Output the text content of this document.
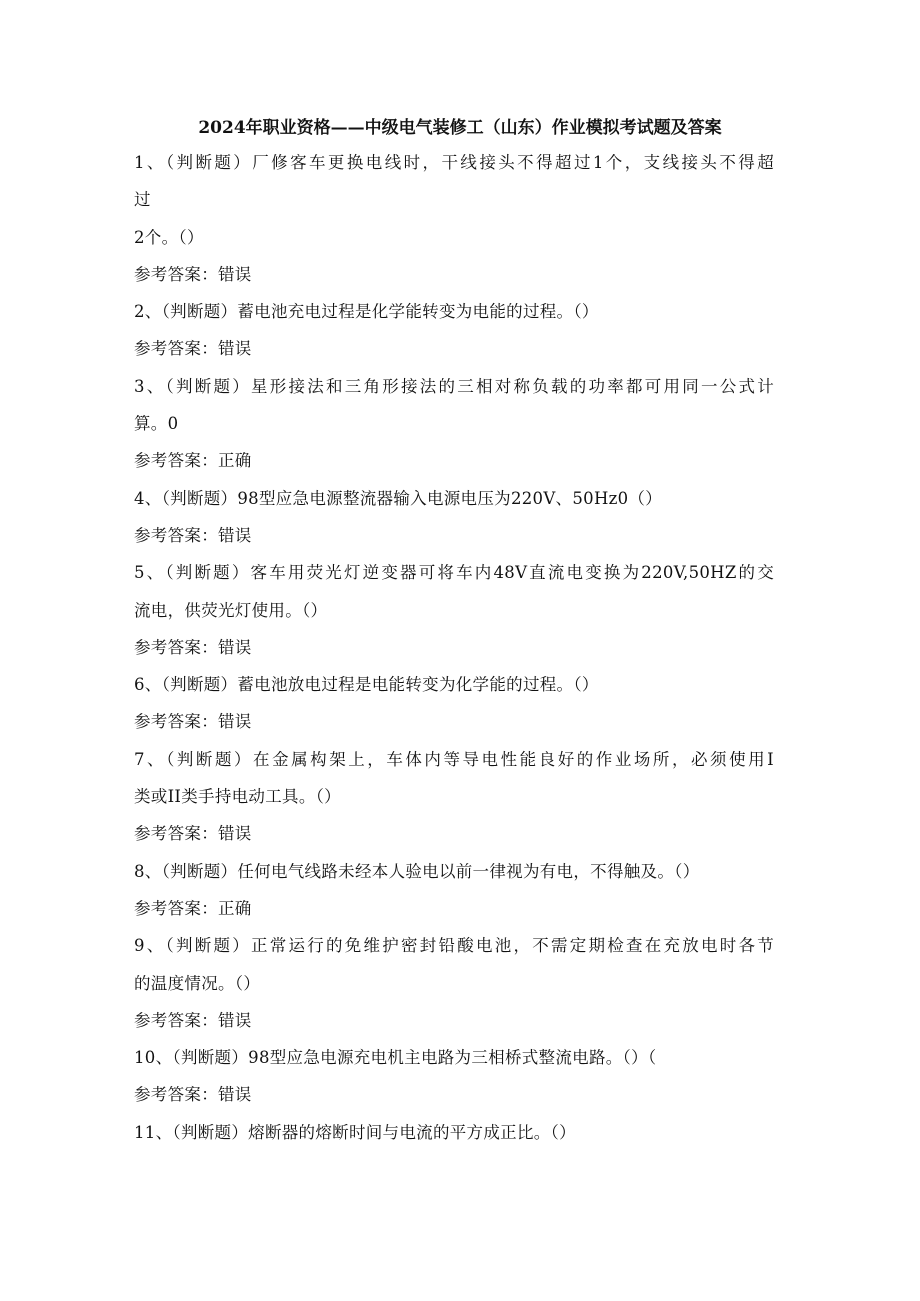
2024年职业资格——中级电气装修工（山东）作业模拟考试题及答案
1、（判断题）厂修客车更换电线时，干线接头不得超过1个，支线接头不得超
过
2个。（）
参考答案：错误
2、（判断题）蓄电池充电过程是化学能转变为电能的过程。（）
参考答案：错误
3、（判断题）星形接法和三角形接法的三相对称负载的功率都可用同一公式计
算。0
参考答案：正确
4、（判断题）98型应急电源整流器输入电源电压为220V、50Hz0（）
参考答案：错误
5、（判断题）客车用荧光灯逆变器可将车内48V直流电变换为220V,50HZ的交
流电，供荧光灯使用。（）
参考答案：错误
6、（判断题）蓄电池放电过程是电能转变为化学能的过程。（）
参考答案：错误
7、（判断题）在金属构架上，车体内等导电性能良好的作业场所，必须使用I
类或II类手持电动工具。（）
参考答案：错误
8、（判断题）任何电气线路未经本人验电以前一律视为有电，不得触及。（）
参考答案：正确
9、（判断题）正常运行的免维护密封铅酸电池，不需定期检查在充放电时各节
的温度情况。（）
参考答案：错误
10、（判断题）98型应急电源充电机主电路为三相桥式整流电路。（）（
参考答案：错误
11、（判断题）熔断器的熔断时间与电流的平方成正比。（）
